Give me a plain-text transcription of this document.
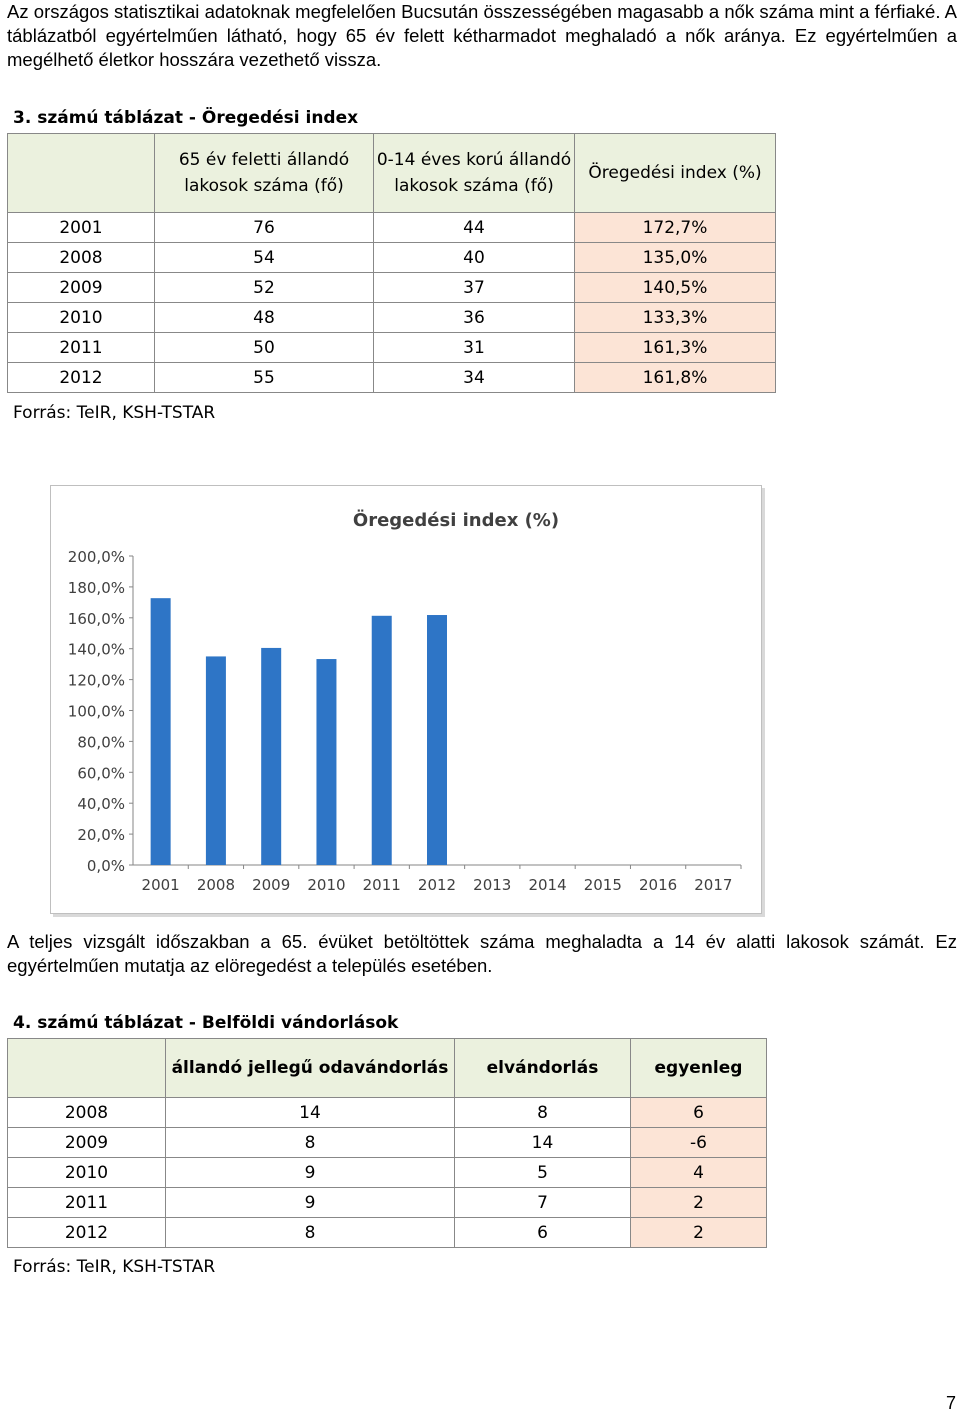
Az országos statisztikai adatoknak megfelelően Bucsután összességében magasabb a nők száma mint a férfiaké. A táblázatból egyértelműen látható, hogy 65 év felett kétharmadot meghaladó a nők aránya. Ez egyértelműen a megélhető életkor hosszára vezethető vissza.
3. számú táblázat - Öregedési index
	65 év feletti állandó lakosok száma (fő)	0-14 éves korú állandó lakosok száma (fő)	Öregedési index (%)
2001	76	44	172,7%
2008	54	40	135,0%
2009	52	37	140,5%
2010	48	36	133,3%
2011	50	31	161,3%
2012	55	34	161,8%
Forrás: TeIR, KSH-TSTAR
Öregedési index (%)
0,0%
20,0%
40,0%
60,0%
80,0%
100,0%
120,0%
140,0%
160,0%
180,0%
200,0%
2001 2008 2009 2010 2011 2012 2013 2014 2015 2016 2017
A teljes vizsgált időszakban a 65. évüket betöltöttek száma meghaladta a 14 év alatti lakosok számát. Ez egyértelműen mutatja az elöregedést a település esetében.
4. számú táblázat - Belföldi vándorlások
	állandó jellegű odavándorlás	elvándorlás	egyenleg
2008	14	8	6
2009	8	14	-6
2010	9	5	4
2011	9	7	2
2012	8	6	2
Forrás: TeIR, KSH-TSTAR
7
